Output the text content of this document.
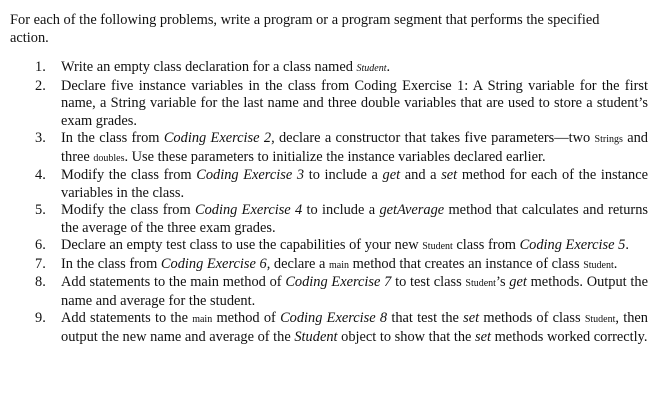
For each of the following problems, write a program or a program segment that performs the specified
action.

1. Write an empty class declaration for a class named Student.
2. Declare five instance variables in the class from Coding Exercise 1: A String variable for the first name, a String variable for the last name and three double variables that are used to store a student’s exam grades.
3. In the class from Coding Exercise 2, declare a constructor that takes five parameters—two Strings and three doubles. Use these parameters to initialize the instance variables declared earlier.
4. Modify the class from Coding Exercise 3 to include a get and a set method for each of the instance variables in the class.
5. Modify the class from Coding Exercise 4 to include a getAverage method that calculates and returns the average of the three exam grades.
6. Declare an empty test class to use the capabilities of your new Student class from Coding Exercise 5.
7. In the class from Coding Exercise 6, declare a main method that creates an instance of class Student.
8. Add statements to the main method of Coding Exercise 7 to test class Student’s get methods. Output the name and average for the student.
9. Add statements to the main method of Coding Exercise 8 that test the set methods of class Student, then output the new name and average of the Student object to show that the set methods worked correctly.
